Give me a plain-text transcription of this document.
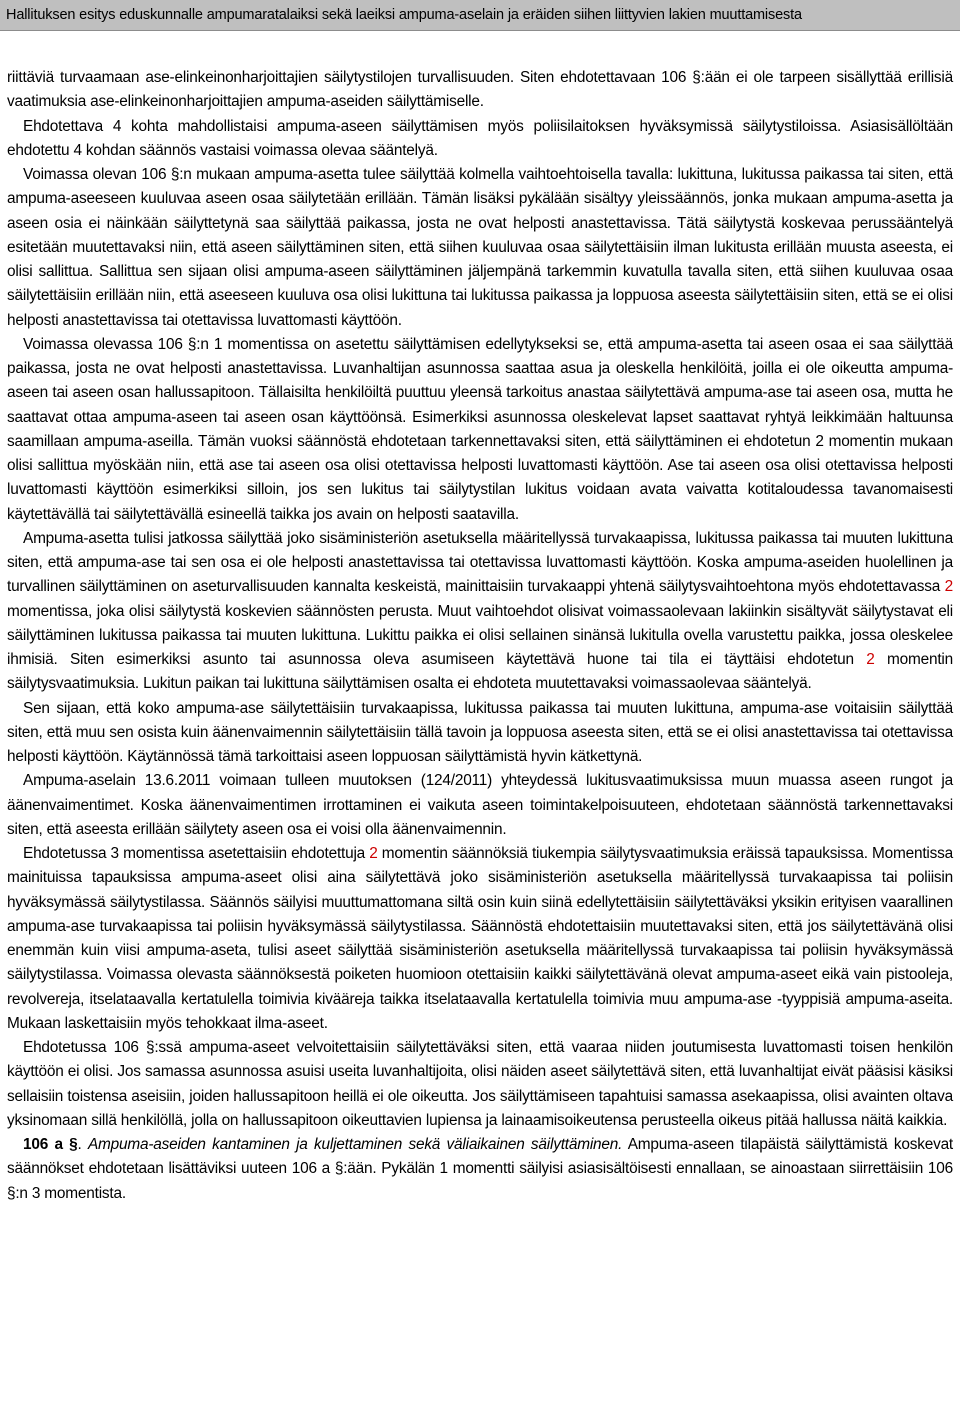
Hallituksen esitys eduskunnalle ampumaratalaiksi sekä laeiksi ampuma-aselain ja eräiden siihen liittyvien lakien muuttamisesta

riittäviä turvaamaan ase-elinkeinonharjoittajien säilytystilojen turvallisuuden. Siten ehdotettavaan 106 §:ään ei ole tarpeen sisällyttää erillisiä vaatimuksia ase-elinkeinonharjoittajien ampuma-aseiden säilyttämiselle.

Ehdotettava 4 kohta mahdollistaisi ampuma-aseen säilyttämisen myös poliisilaitoksen hyväksymissä säilytystiloissa. Asiasisällöltään ehdotettu 4 kohdan säännös vastaisi voimassa olevaa sääntelyä.

Voimassa olevan 106 §:n mukaan ampuma-asetta tulee säilyttää kolmella vaihtoehtoisella tavalla: lukittuna, lukitussa paikassa tai siten, että ampuma-aseeseen kuuluvaa aseen osaa säilytetään erillään. Tämän lisäksi pykälään sisältyy yleissäännös, jonka mukaan ampuma-asetta ja aseen osia ei näinkään säilyttetynä saa säilyttää paikassa, josta ne ovat helposti anastettavissa. Tätä säilytystä koskevaa perussääntelyä esitetään muutettavaksi niin, että aseen säilyttäminen siten, että siihen kuuluvaa osaa säilytettäisiin ilman lukitusta erillään muusta aseesta, ei olisi sallittua. Sallittua sen sijaan olisi ampuma-aseen säilyttäminen jäljempänä tarkemmin kuvatulla tavalla siten, että siihen kuuluvaa osaa säilytettäisiin erillään niin, että aseeseen kuuluva osa olisi lukittuna tai lukitussa paikassa ja loppuosa aseesta säilytettäisiin siten, että se ei olisi helposti anastettavissa tai otettavissa luvattomasti käyttöön.

Voimassa olevassa 106 §:n 1 momentissa on asetettu säilyttämisen edellytykseksi se, että ampuma-asetta tai aseen osaa ei saa säilyttää paikassa, josta ne ovat helposti anastettavissa. Luvanhaltijan asunnossa saattaa asua ja oleskella henkilöitä, joilla ei ole oikeutta ampuma-aseen tai aseen osan hallussapitoon. Tällaisilta henkilöiltä puuttuu yleensä tarkoitus anastaa säilytettävä ampuma-ase tai aseen osa, mutta he saattavat ottaa ampuma-aseen tai aseen osan käyttöönsä. Esimerkiksi asunnossa oleskelevat lapset saattavat ryhtyä leikkimään haltuunsa saamillaan ampuma-aseilla. Tämän vuoksi säännöstä ehdotetaan tarkennettavaksi siten, että säilyttäminen ei ehdotetun 2 momentin mukaan olisi sallittua myöskään niin, että ase tai aseen osa olisi otettavissa helposti luvattomasti käyttöön. Ase tai aseen osa olisi otettavissa helposti luvattomasti käyttöön esimerkiksi silloin, jos sen lukitus tai säilytystilan lukitus voidaan avata vaivatta kotitaloudessa tavanomaisesti käytettävällä tai säilytettävällä esineellä taikka jos avain on helposti saatavilla.

Ampuma-asetta tulisi jatkossa säilyttää joko sisäministeriön asetuksella määritellyssä turvakaapissa, lukitussa paikassa tai muuten lukittuna siten, että ampuma-ase tai sen osa ei ole helposti anastettavissa tai otettavissa luvattomasti käyttöön. Koska ampuma-aseiden huolellinen ja turvallinen säilyttäminen on aseturvallisuuden kannalta keskeistä, mainittaisiin turvakaappi yhtenä säilytysvaihtoehtona myös ehdotettavassa 2 momentissa, joka olisi säilytystä koskevien säännösten perusta. Muut vaihtoehdot olisivat voimassaolevaan lakiinkin sisältyvät säilytystavat eli säilyttäminen lukitussa paikassa tai muuten lukittuna. Lukittu paikka ei olisi sellainen sinänsä lukitulla ovella varustettu paikka, jossa oleskelee ihmisiä. Siten esimerkiksi asunto tai asunnossa oleva asumiseen käytettävä huone tai tila ei täyttäisi ehdotetun 2 momentin säilytysvaatimuksia. Lukitun paikan tai lukittuna säilyttämisen osalta ei ehdoteta muutettavaksi voimassaolevaa sääntelyä.

Sen sijaan, että koko ampuma-ase säilytettäisiin turvakaapissa, lukitussa paikassa tai muuten lukittuna, ampuma-ase voitaisiin säilyttää siten, että muu sen osista kuin äänenvaimennin säilytettäisiin tällä tavoin ja loppuosa aseesta siten, että se ei olisi anastettavissa tai otettavissa helposti käyttöön. Käytännössä tämä tarkoittaisi aseen loppuosan säilyttämistä hyvin kätkettynä.

Ampuma-aselain 13.6.2011 voimaan tulleen muutoksen (124/2011) yhteydessä lukitusvaatimuksissa muun muassa aseen rungot ja äänenvaimentimet. Koska äänenvaimentimen irrottaminen ei vaikuta aseen toimintakelpoisuuteen, ehdotetaan säännöstä tarkennettavaksi siten, että aseesta erillään säilytety aseen osa ei voisi olla äänenvaimennin.

Ehdotetussa 3 momentissa asetettaisiin ehdotettuja 2 momentin säännöksiä tiukempia säilytysvaatimuksia eräissä tapauksissa. Momentissa mainituissa tapauksissa ampuma-aseet olisi aina säilytettävä joko sisäministeriön asetuksella määritellyssä turvakaapissa tai poliisin hyväksymässä säilytystilassa. Säännös säilyisi muuttumattomana siltä osin kuin siinä edellytettäisiin säilytettäväksi yksikin erityisen vaarallinen ampuma-ase turvakaapissa tai poliisin hyväksymässä säilytystilassa. Säännöstä ehdotettaisiin muutettavaksi siten, että jos säilytettävänä olisi enemmän kuin viisi ampuma-aseta, tulisi aseet säilyttää sisäministeriön asetuksella määritellyssä turvakaapissa tai poliisin hyväksymässä säilytystilassa. Voimassa olevasta säännöksestä poiketen huomioon otettaisiin kaikki säilytettävänä olevat ampuma-aseet eikä vain pistooleja, revolvereja, itselataavalla kertatulella toimivia kivääreja taikka itselataavalla kertatulella toimivia muu ampuma-ase -tyyppisiä ampuma-aseita. Mukaan laskettaisiin myös tehokkaat ilma-aseet.

Ehdotetussa 106 §:ssä ampuma-aseet velvoitettaisiin säilytettäväksi siten, että vaaraa niiden joutumisesta luvattomasti toisen henkilön käyttöön ei olisi. Jos samassa asunnossa asuisi useita luvanhaltijoita, olisi näiden aseet säilytettävä siten, että luvanhaltijat eivät pääsisi käsiksi sellaisiin toistensa aseisiin, joiden hallussapitoon heillä ei ole oikeutta. Jos säilyttämiseen tapahtuisi samassa asekaapissa, olisi avainten oltava yksinomaan sillä henkilöllä, jolla on hallussapitoon oikeuttavien lupiensa ja lainaamisoikeutensa perusteella oikeus pitää hallussa näitä kaikkia.

106 a §. Ampuma-aseiden kantaminen ja kuljettaminen sekä väliaikainen säilyttäminen. Ampuma-aseen tilapäistä säilyttämistä koskevat säännökset ehdotetaan lisättäviksi uuteen 106 a §:ään. Pykälän 1 momentti säilyisi asiasisältöisesti ennallaan, se ainoastaan siirrettäisiin 106 §:n 3 momentista.
